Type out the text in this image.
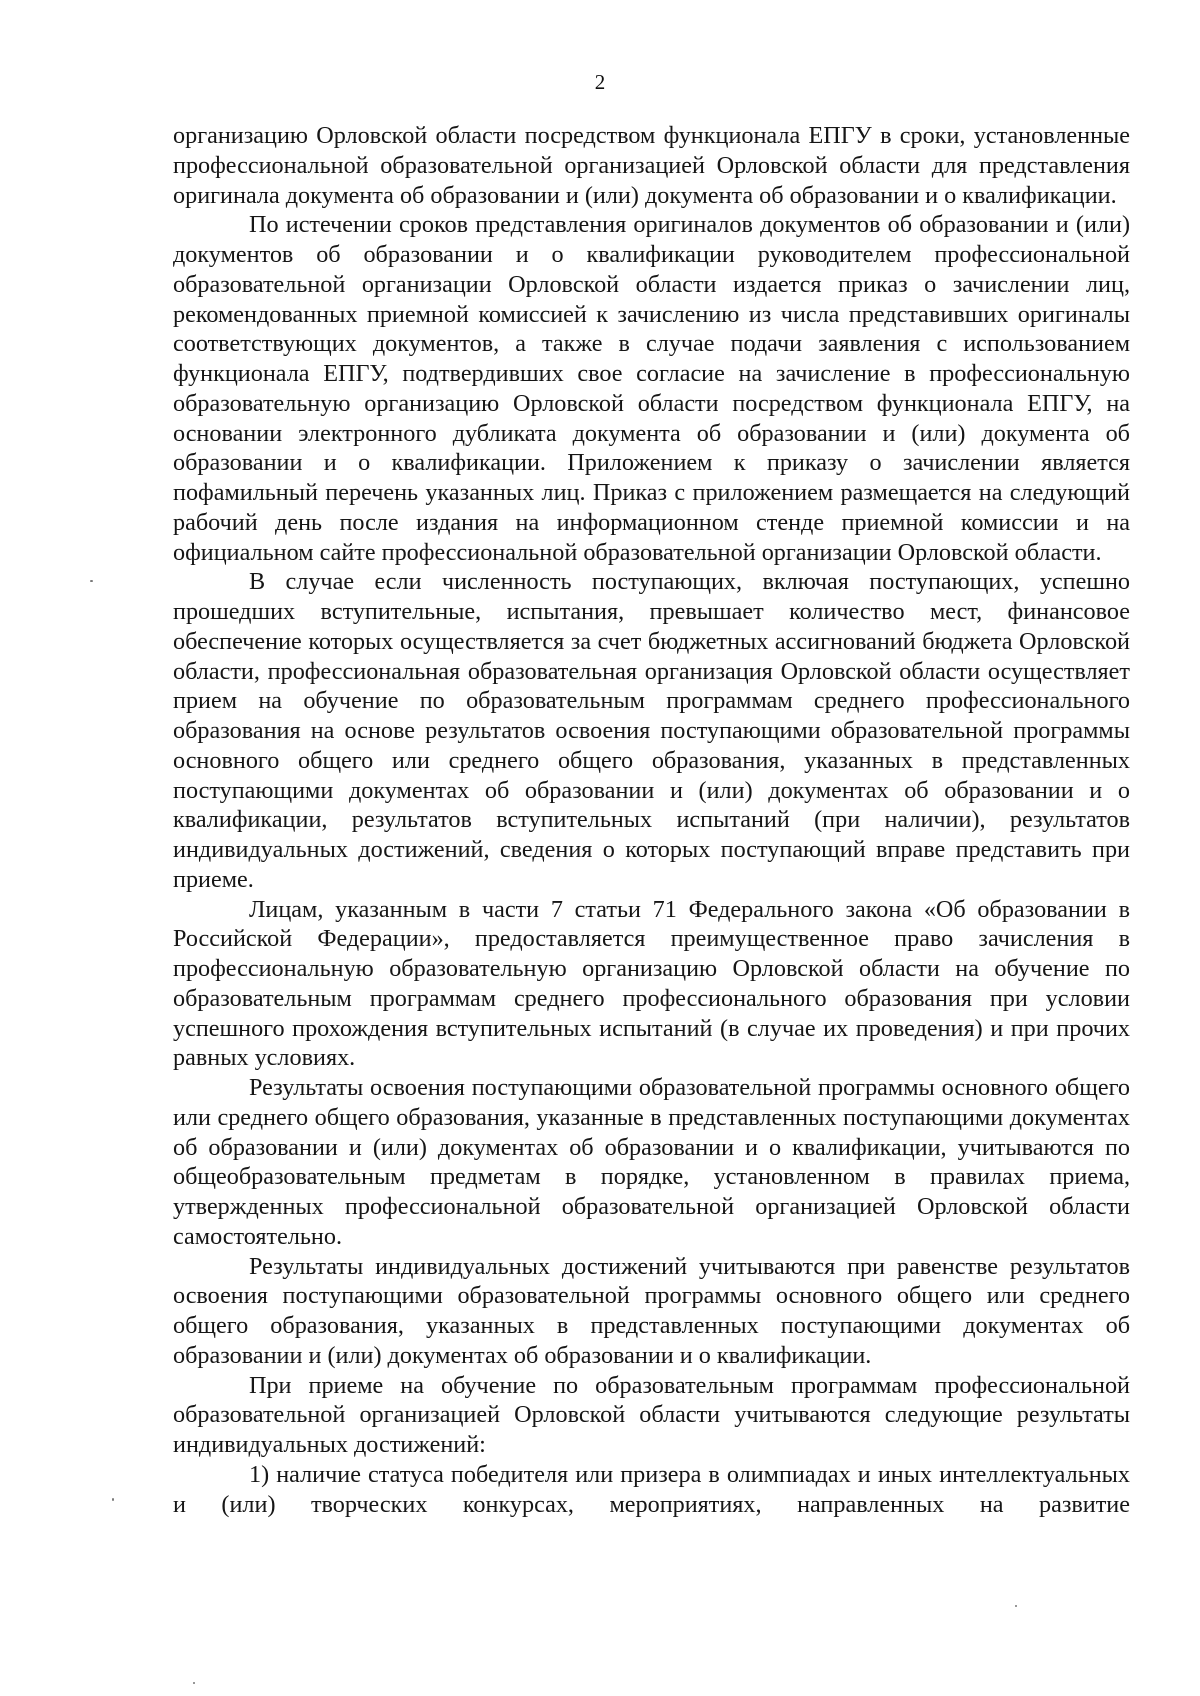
2

организацию Орловской области посредством функционала ЕПГУ в сроки, установленные профессиональной образовательной организацией Орловской области для представления оригинала документа об образовании и (или) документа об образовании и о квалификации.

По истечении сроков представления оригиналов документов об образовании и (или) документов об образовании и о квалификации руководителем профессиональной образовательной организации Орловской области издается приказ о зачислении лиц, рекомендованных приемной комиссией к зачислению из числа представивших оригиналы соответствующих документов, а также в случае подачи заявления с использованием функционала ЕПГУ, подтвердивших свое согласие на зачисление в профессиональную образовательную организацию Орловской области посредством функционала ЕПГУ, на основании электронного дубликата документа об образовании и (или) документа об образовании и о квалификации. Приложением к приказу о зачислении является пофамильный перечень указанных лиц. Приказ с приложением размещается на следующий рабочий день после издания на информационном стенде приемной комиссии и на официальном сайте профессиональной образовательной организации Орловской области.

В случае если численность поступающих, включая поступающих, успешно прошедших вступительные, испытания, превышает количество мест, финансовое обеспечение которых осуществляется за счет бюджетных ассигнований бюджета Орловской области, профессиональная образовательная организация Орловской области осуществляет прием на обучение по образовательным программам среднего профессионального образования на основе результатов освоения поступающими образовательной программы основного общего или среднего общего образования, указанных в представленных поступающими документах об образовании и (или) документах об образовании и о квалификации, результатов вступительных испытаний (при наличии), результатов индивидуальных достижений, сведения о которых поступающий вправе представить при приеме.

Лицам, указанным в части 7 статьи 71 Федерального закона «Об образовании в Российской Федерации», предоставляется преимущественное право зачисления в профессиональную образовательную организацию Орловской области на обучение по образовательным программам среднего профессионального образования при условии успешного прохождения вступительных испытаний (в случае их проведения) и при прочих равных условиях.

Результаты освоения поступающими образовательной программы основного общего или среднего общего образования, указанные в представленных поступающими документах об образовании и (или) документах об образовании и о квалификации, учитываются по общеобразовательным предметам в порядке, установленном в правилах приема, утвержденных профессиональной образовательной организацией Орловской области самостоятельно.

Результаты индивидуальных достижений учитываются при равенстве результатов освоения поступающими образовательной программы основного общего или среднего общего образования, указанных в представленных поступающими документах об образовании и (или) документах об образовании и о квалификации.

При приеме на обучение по образовательным программам профессиональной образовательной организацией Орловской области учитываются следующие результаты индивидуальных достижений:

1) наличие статуса победителя или призера в олимпиадах и иных интеллектуальных и (или) творческих конкурсах, мероприятиях, направленных на развитие
